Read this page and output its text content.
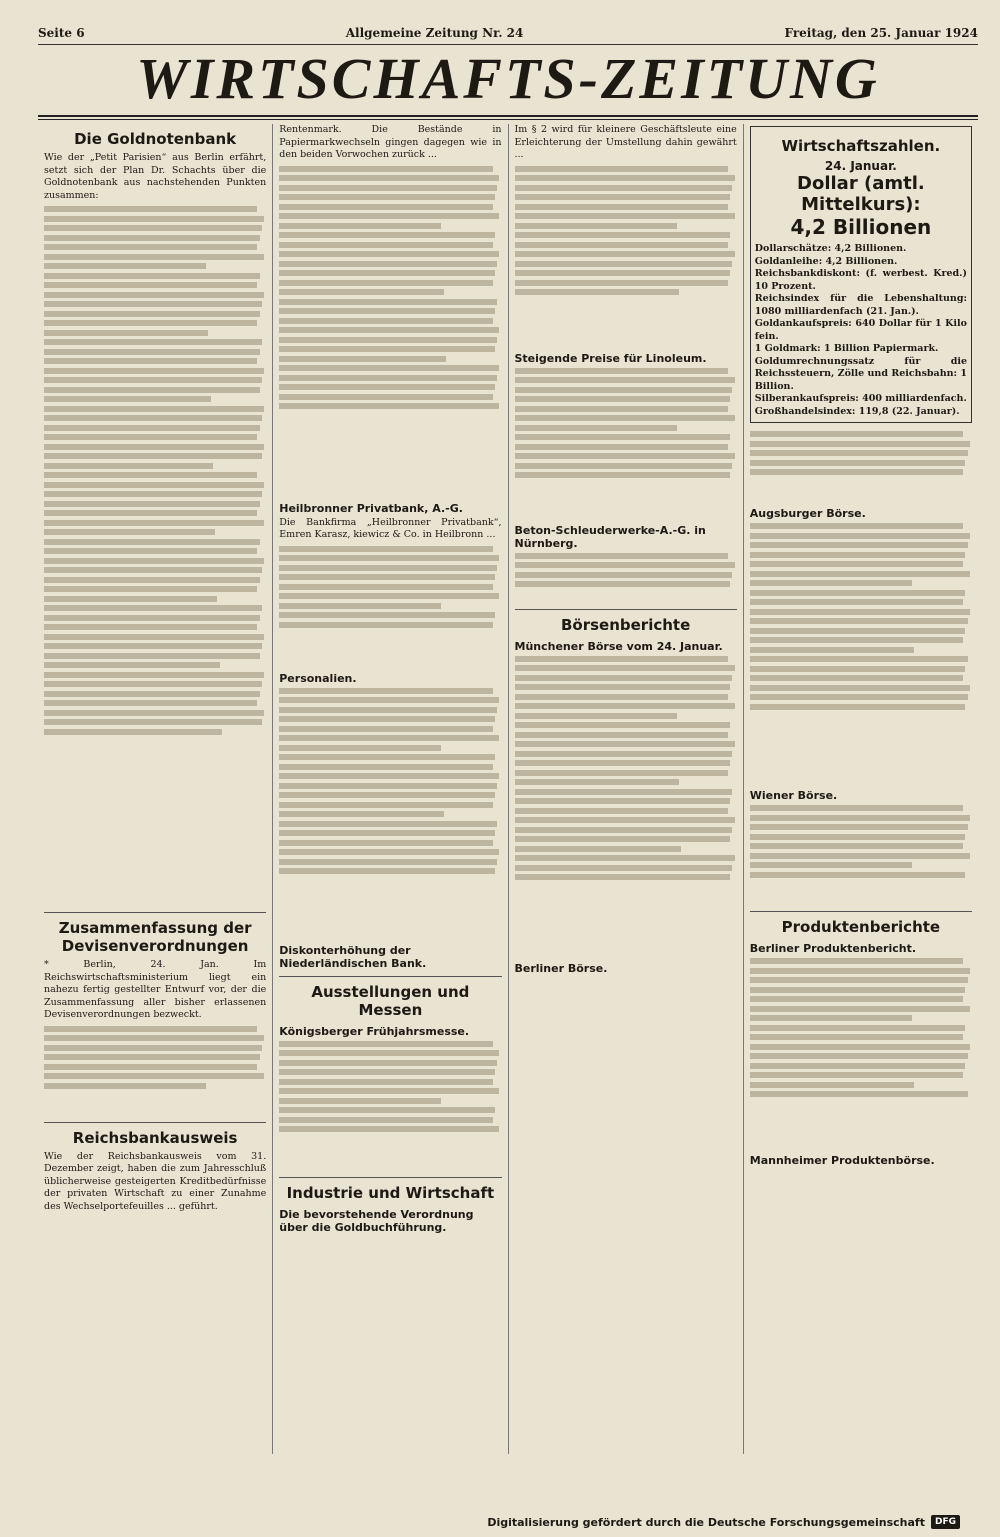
Seite 6	Allgemeine Zeitung Nr. 24	Freitag, den 25. Januar 1924
WIRTSCHAFTS-ZEITUNG
Die Goldnotenbank

Wie der „Petit Parisien“ aus Berlin erfährt, setzt sich der Plan Dr. Schachts über die Goldnotenbank aus nachstehenden Punkten zusammen:

Zusammenfassung der Devisenverordnungen

* Berlin, 24. Jan. Im Reichswirtschaftsministerium liegt ein nahezu fertig gestellter Entwurf vor, der die Zusammenfassung aller bisher erlassenen Devisenverordnungen bezweckt.

Reichsbankausweis

Wie der Reichsbankausweis vom 31. Dezember zeigt, haben die zum Jahresschluß üblicherweise gesteigerten Kreditbedürfnisse der privaten Wirtschaft zu einer Zunahme des Wechselportefeuilles ... geführt.

Rentenmark. Die Bestände in Papiermarkwechseln gingen dagegen wie in den beiden Vorwochen zurück ...

Heilbronner Privatbank, A.-G.

Die Bankfirma „Heilbronner Privatbank“, Emren Karasz, kiewicz & Co. in Heilbronn ...

Personalien.
Diskonterhöhung der Niederländischen Bank.
Ausstellungen und Messen
Königsberger Frühjahrsmesse.
Industrie und Wirtschaft
Die bevorstehende Verordnung über die Goldbuchführung.

Im § 2 wird für kleinere Geschäftsleute eine Erleichterung der Umstellung dahin gewährt ...

Steigende Preise für Linoleum.
Beton-Schleuderwerke-A.-G. in Nürnberg.
Börsenberichte
Münchener Börse vom 24. Januar.
Berliner Börse.
Wirtschaftszahlen.
24. Januar.
Dollar (amtl. Mittelkurs):
4,2 Billionen

Dollarschätze: 4,2 Billionen.

Goldanleihe: 4,2 Billionen.

Reichsbankdiskont: (f. werbest. Kred.) 10 Prozent.

Reichsindex für die Lebenshaltung: 1080 milliardenfach (21. Jan.).

Goldankaufspreis: 640 Dollar für 1 Kilo fein.

1 Goldmark: 1 Billion Papiermark.

Goldumrechnungssatz für die Reichssteuern, Zölle und Reichsbahn: 1 Billion.

Silberankaufspreis: 400 milliardenfach.

Großhandelsindex: 119,8 (22. Januar).

Augsburger Börse.
Wiener Börse.
Produktenberichte
Berliner Produktenbericht.
Mannheimer Produktenbörse.
Digitalisierung gefördert durch die Deutsche Forschungsgemeinschaft	DFG
